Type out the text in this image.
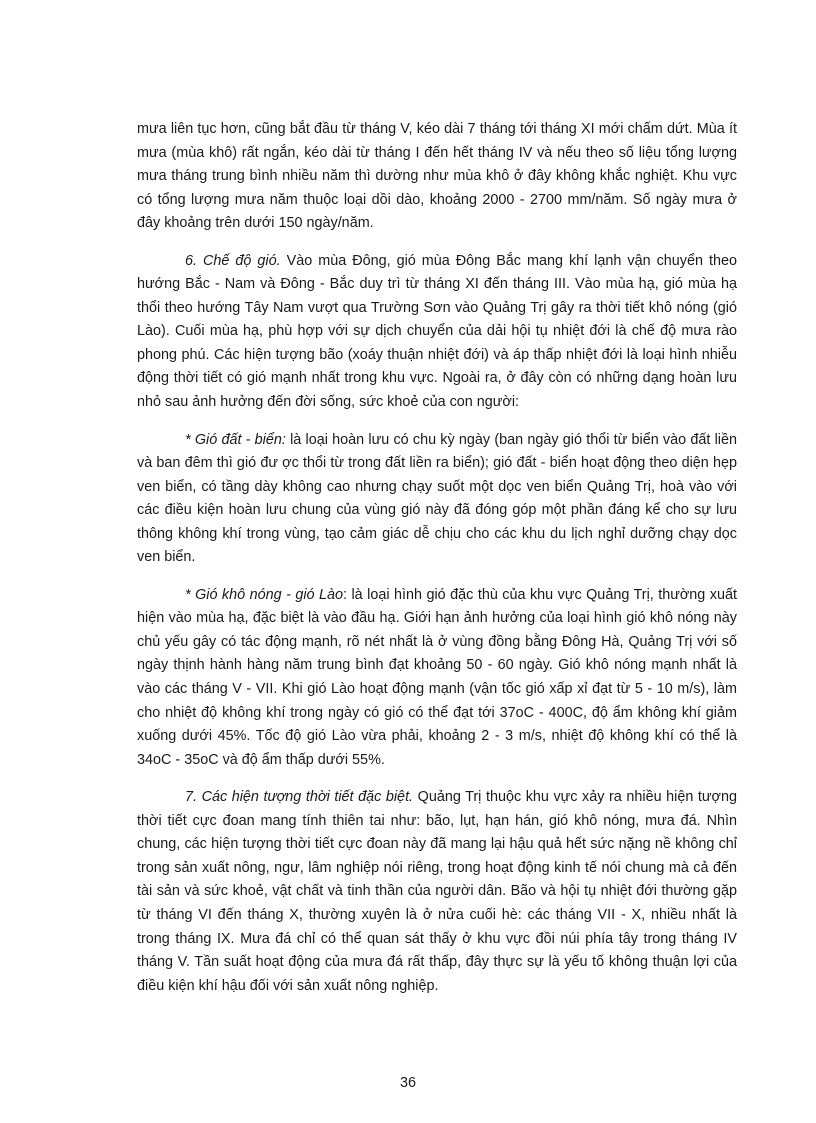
mưa liên tục hơn, cũng bắt đầu từ tháng V, kéo dài 7 tháng tới tháng XI mới chấm dứt. Mùa ít mưa (mùa khô) rất ngắn, kéo dài từ tháng I đến hết tháng IV và nếu theo số liệu tổng lượng mưa tháng trung bình nhiều năm thì dường như mùa khô ở đây không khắc nghiệt. Khu vực có tổng lượng mưa năm thuộc loại dồi dào, khoảng 2000 - 2700 mm/năm. Số ngày mưa ở đây khoảng trên dưới 150 ngày/năm.

6. Chế độ gió. Vào mùa Đông, gió mùa Đông Bắc mang khí lạnh vận chuyển theo hướng Bắc - Nam và Đông - Bắc duy trì từ tháng XI đến tháng III. Vào mùa hạ, gió mùa hạ thổi theo hướng Tây Nam vượt qua Trường Sơn vào Quảng Trị gây ra thời tiết khô nóng (gió Lào). Cuối mùa hạ, phù hợp với sự dịch chuyển của dải hội tụ nhiệt đới là chế độ mưa rào phong phú. Các hiện tượng bão (xoáy thuận nhiệt đới) và áp thấp nhiệt đới là loại hình nhiễu động thời tiết có gió mạnh nhất trong khu vực. Ngoài ra, ở đây còn có những dạng hoàn lưu nhỏ sau ảnh hưởng đến đời sống, sức khoẻ của con người:

* Gió đất - biển: là loại hoàn lưu có chu kỳ ngày (ban ngày gió thổi từ biển vào đất liền và ban đêm thì gió đư ợc thổi từ trong đất liền ra biển); gió đất - biển hoạt động theo diện hẹp ven biển, có tầng dày không cao nhưng chạy suốt một dọc ven biển Quảng Trị, hoà vào với các điều kiện hoàn lưu chung của vùng gió này đã đóng góp một phần đáng kể cho sự lưu thông không khí trong vùng, tạo cảm giác dễ chịu cho các khu du lịch nghỉ dưỡng chạy dọc ven biển.

* Gió khô nóng - gió Lào: là loại hình gió đặc thù của khu vực Quảng Trị, thường xuất hiện vào mùa hạ, đặc biệt là vào đầu hạ. Giới hạn ảnh hưởng của loại hình gió khô nóng này chủ yếu gây có tác động mạnh, rõ nét nhất là ở vùng đồng bằng Đông Hà, Quảng Trị với số ngày thịnh hành hàng năm trung bình đạt khoảng 50 - 60 ngày. Gió khô nóng mạnh nhất là vào các tháng V - VII. Khi gió Lào hoạt động mạnh (vận tốc gió xấp xỉ đạt từ 5 - 10 m/s), làm cho nhiệt độ không khí trong ngày có gió có thể đạt tới 37oC - 400C, độ ẩm không khí giảm xuống dưới 45%. Tốc độ gió Lào vừa phải, khoảng 2 - 3 m/s, nhiệt độ không khí có thể là 34oC - 35oC và độ ẩm thấp dưới 55%.

7. Các hiện tượng thời tiết đặc biệt. Quảng Trị thuộc khu vực xảy ra nhiều hiện tượng thời tiết cực đoan mang tính thiên tai như: bão, lụt, hạn hán, gió khô nóng, mưa đá. Nhìn chung, các hiện tượng thời tiết cực đoan này đã mang lại hậu quả hết sức nặng nề không chỉ trong sản xuất nông, ngư, lâm nghiệp nói riêng, trong hoạt động kinh tế nói chung mà cả đến tài sản và sức khoẻ, vật chất và tinh thần của người dân. Bão và hội tụ nhiệt đới thường gặp từ tháng VI đến tháng X, thường xuyên là ở nửa cuối hè: các tháng VII - X, nhiều nhất là trong tháng IX. Mưa đá chỉ có thể quan sát thấy ở khu vực đồi núi phía tây trong tháng IV tháng V. Tần suất hoạt động của mưa đá rất thấp, đây thực sự là yếu tố không thuận lợi của điều kiện khí hậu đối với sản xuất nông nghiệp.

36
